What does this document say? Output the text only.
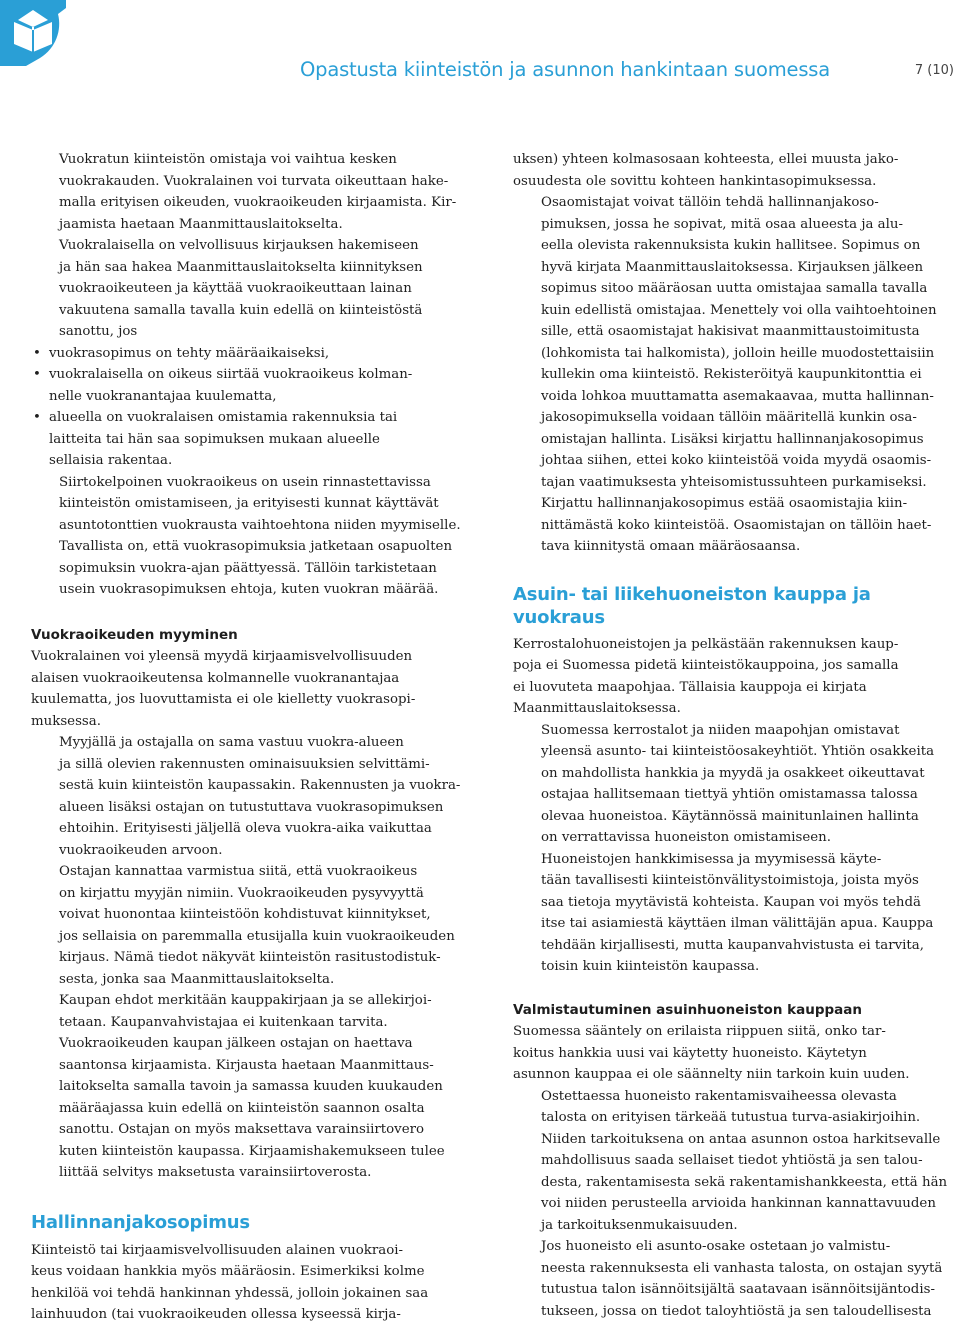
Opastusta kiinteistön ja asunnon hankintaan suomessa	7 (10)

Vuokratun kiinteistön omistaja voi vaihtua kesken
vuokrakauden. Vuokralainen voi turvata oikeuttaan hake-
malla erityisen oikeuden, vuokraoikeuden kirjaamista. Kir-
jaamista haetaan Maanmittauslaitokselta.

Vuokralaisella on velvollisuus kirjauksen hakemiseen
ja hän saa hakea Maanmittauslaitokselta kiinnityksen
vuokraoikeuteen ja käyttää vuokraoikeuttaan lainan
vakuutena samalla tavalla kuin edellä on kiinteistöstä
sanottu, jos

• vuokrasopimus on tehty määräaikaiseksi,
• vuokralaisella on oikeus siirtää vuokraoikeus kolman-
nelle vuokranantajaa kuulematta,
• alueella on vuokralaisen omistamia rakennuksia tai
laitteita tai hän saa sopimuksen mukaan alueelle
sellaisia rakentaa.

Siirtokelpoinen vuokraoikeus on usein rinnastettavissa
kiinteistön omistamiseen, ja erityisesti kunnat käyttävät
asuntotonttien vuokrausta vaihtoehtona niiden myymiselle.
Tavallista on, että vuokrasopimuksia jatketaan osapuolten
sopimuksin vuokra-ajan päättyessä. Tällöin tarkistetaan
usein vuokrasopimuksen ehtoja, kuten vuokran määrää.

Vuokraoikeuden myyminen

Vuokralainen voi yleensä myydä kirjaamisvelvollisuuden
alaisen vuokraoikeutensa kolmannelle vuokranantajaa
kuulematta, jos luovuttamista ei ole kielletty vuokrasopi-
muksessa.

Myyjällä ja ostajalla on sama vastuu vuokra-alueen
ja sillä olevien rakennusten ominaisuuksien selvittämi-
sestä kuin kiinteistön kaupassakin. Rakennusten ja vuokra-
alueen lisäksi ostajan on tutustuttava vuokrasopimuksen
ehtoihin. Erityisesti jäljellä oleva vuokra-aika vaikuttaa
vuokraoikeuden arvoon.

Ostajan kannattaa varmistua siitä, että vuokraoikeus
on kirjattu myyjän nimiin. Vuokraoikeuden pysyvyyttä
voivat huonontaa kiinteistöön kohdistuvat kiinnitykset,
jos sellaisia on paremmalla etusijalla kuin vuokraoikeuden
kirjaus. Nämä tiedot näkyvät kiinteistön rasitustodistuk-
sesta, jonka saa Maanmittauslaitokselta.

Kaupan ehdot merkitään kauppakirjaan ja se allekirjoi-
tetaan. Kaupanvahvistajaa ei kuitenkaan tarvita.

Vuokraoikeuden kaupan jälkeen ostajan on haettava
saantonsa kirjaamista. Kirjausta haetaan Maanmittaus-
laitokselta samalla tavoin ja samassa kuuden kuukauden
määräajassa kuin edellä on kiinteistön saannon osalta
sanottu. Ostajan on myös maksettava varainsiirtovero
kuten kiinteistön kaupassa. Kirjaamishakemukseen tulee
liittää selvitys maksetusta varainsiirtoverosta.

Hallinnanjakosopimus

Kiinteistö tai kirjaamisvelvollisuuden alainen vuokraoi-
keus voidaan hankkia myös määräosin. Esimerkiksi kolme
henkilöä voi tehdä hankinnan yhdessä, jolloin jokainen saa
lainhuudon (tai vuokraoikeuden ollessa kyseessä kirja-

uksen) yhteen kolmasosaan kohteesta, ellei muusta jako-
osuudesta ole sovittu kohteen hankintasopimuksessa.

Osaomistajat voivat tällöin tehdä hallinnanjakoso-
pimuksen, jossa he sopivat, mitä osaa alueesta ja alu-
eella olevista rakennuksista kukin hallitsee. Sopimus on
hyvä kirjata Maanmittauslaitoksessa. Kirjauksen jälkeen
sopimus sitoo määräosan uutta omistajaa samalla tavalla
kuin edellistä omistajaa. Menettely voi olla vaihtoehtoinen
sille, että osaomistajat hakisivat maanmittaustoimitusta
(lohkomista tai halkomista), jolloin heille muodostettaisiin
kullekin oma kiinteistö. Rekisteröityä kaupunkitonttia ei
voida lohkoa muuttamatta asemakaavaa, mutta hallinnan-
jakosopimuksella voidaan tällöin määritellä kunkin osa-
omistajan hallinta. Lisäksi kirjattu hallinnanjakosopimus
johtaa siihen, ettei koko kiinteistöä voida myydä osaomis-
tajan vaatimuksesta yhteisomistussuhteen purkamiseksi.

Kirjattu hallinnanjakosopimus estää osaomistajia kiin-
nittämästä koko kiinteistöä. Osaomistajan on tällöin haet-
tava kiinnitystä omaan määräosaansa.

Asuin- tai liikehuoneiston kauppa ja
vuokraus

Kerrostalohuoneistojen ja pelkästään rakennuksen kaup-
poja ei Suomessa pidetä kiinteistökauppoina, jos samalla
ei luovuteta maapohjaa. Tällaisia kauppoja ei kirjata
Maanmittauslaitoksessa.

Suomessa kerrostalot ja niiden maapohjan omistavat
yleensä asunto- tai kiinteistöosakeyhtiöt. Yhtiön osakkeita
on mahdollista hankkia ja myydä ja osakkeet oikeuttavat
ostajaa hallitsemaan tiettyä yhtiön omistamassa talossa
olevaa huoneistoa. Käytännössä mainitunlainen hallinta
on verrattavissa huoneiston omistamiseen.

Huoneistojen hankkimisessa ja myymisessä käyte-
tään tavallisesti kiinteistönvälitystoimistoja, joista myös
saa tietoja myytävistä kohteista. Kaupan voi myös tehdä
itse tai asiamiestä käyttäen ilman välittäjän apua. Kauppa
tehdään kirjallisesti, mutta kaupanvahvistusta ei tarvita,
toisin kuin kiinteistön kaupassa.

Valmistautuminen asuinhuoneiston kauppaan

Suomessa sääntely on erilaista riippuen siitä, onko tar-
koitus hankkia uusi vai käytetty huoneisto. Käytetyn
asunnon kauppaa ei ole säännelty niin tarkoin kuin uuden.

Ostettaessa huoneisto rakentamisvaiheessa olevasta
talosta on erityisen tärkeää tutustua turva-asiakirjoihin.
Niiden tarkoituksena on antaa asunnon ostoa harkitsevalle
mahdollisuus saada sellaiset tiedot yhtiöstä ja sen talou-
desta, rakentamisesta sekä rakentamishankkeesta, että hän
voi niiden perusteella arvioida hankinnan kannattavuuden
ja tarkoituksenmukaisuuden.

Jos huoneisto eli asunto-osake ostetaan jo valmistu-
neesta rakennuksesta eli vanhasta talosta, on ostajan syytä
tutustua talon isännöitsijältä saatavaan isännöitsijäntodis-
tukseen, jossa on tiedot taloyhtiöstä ja sen taloudellisesta
